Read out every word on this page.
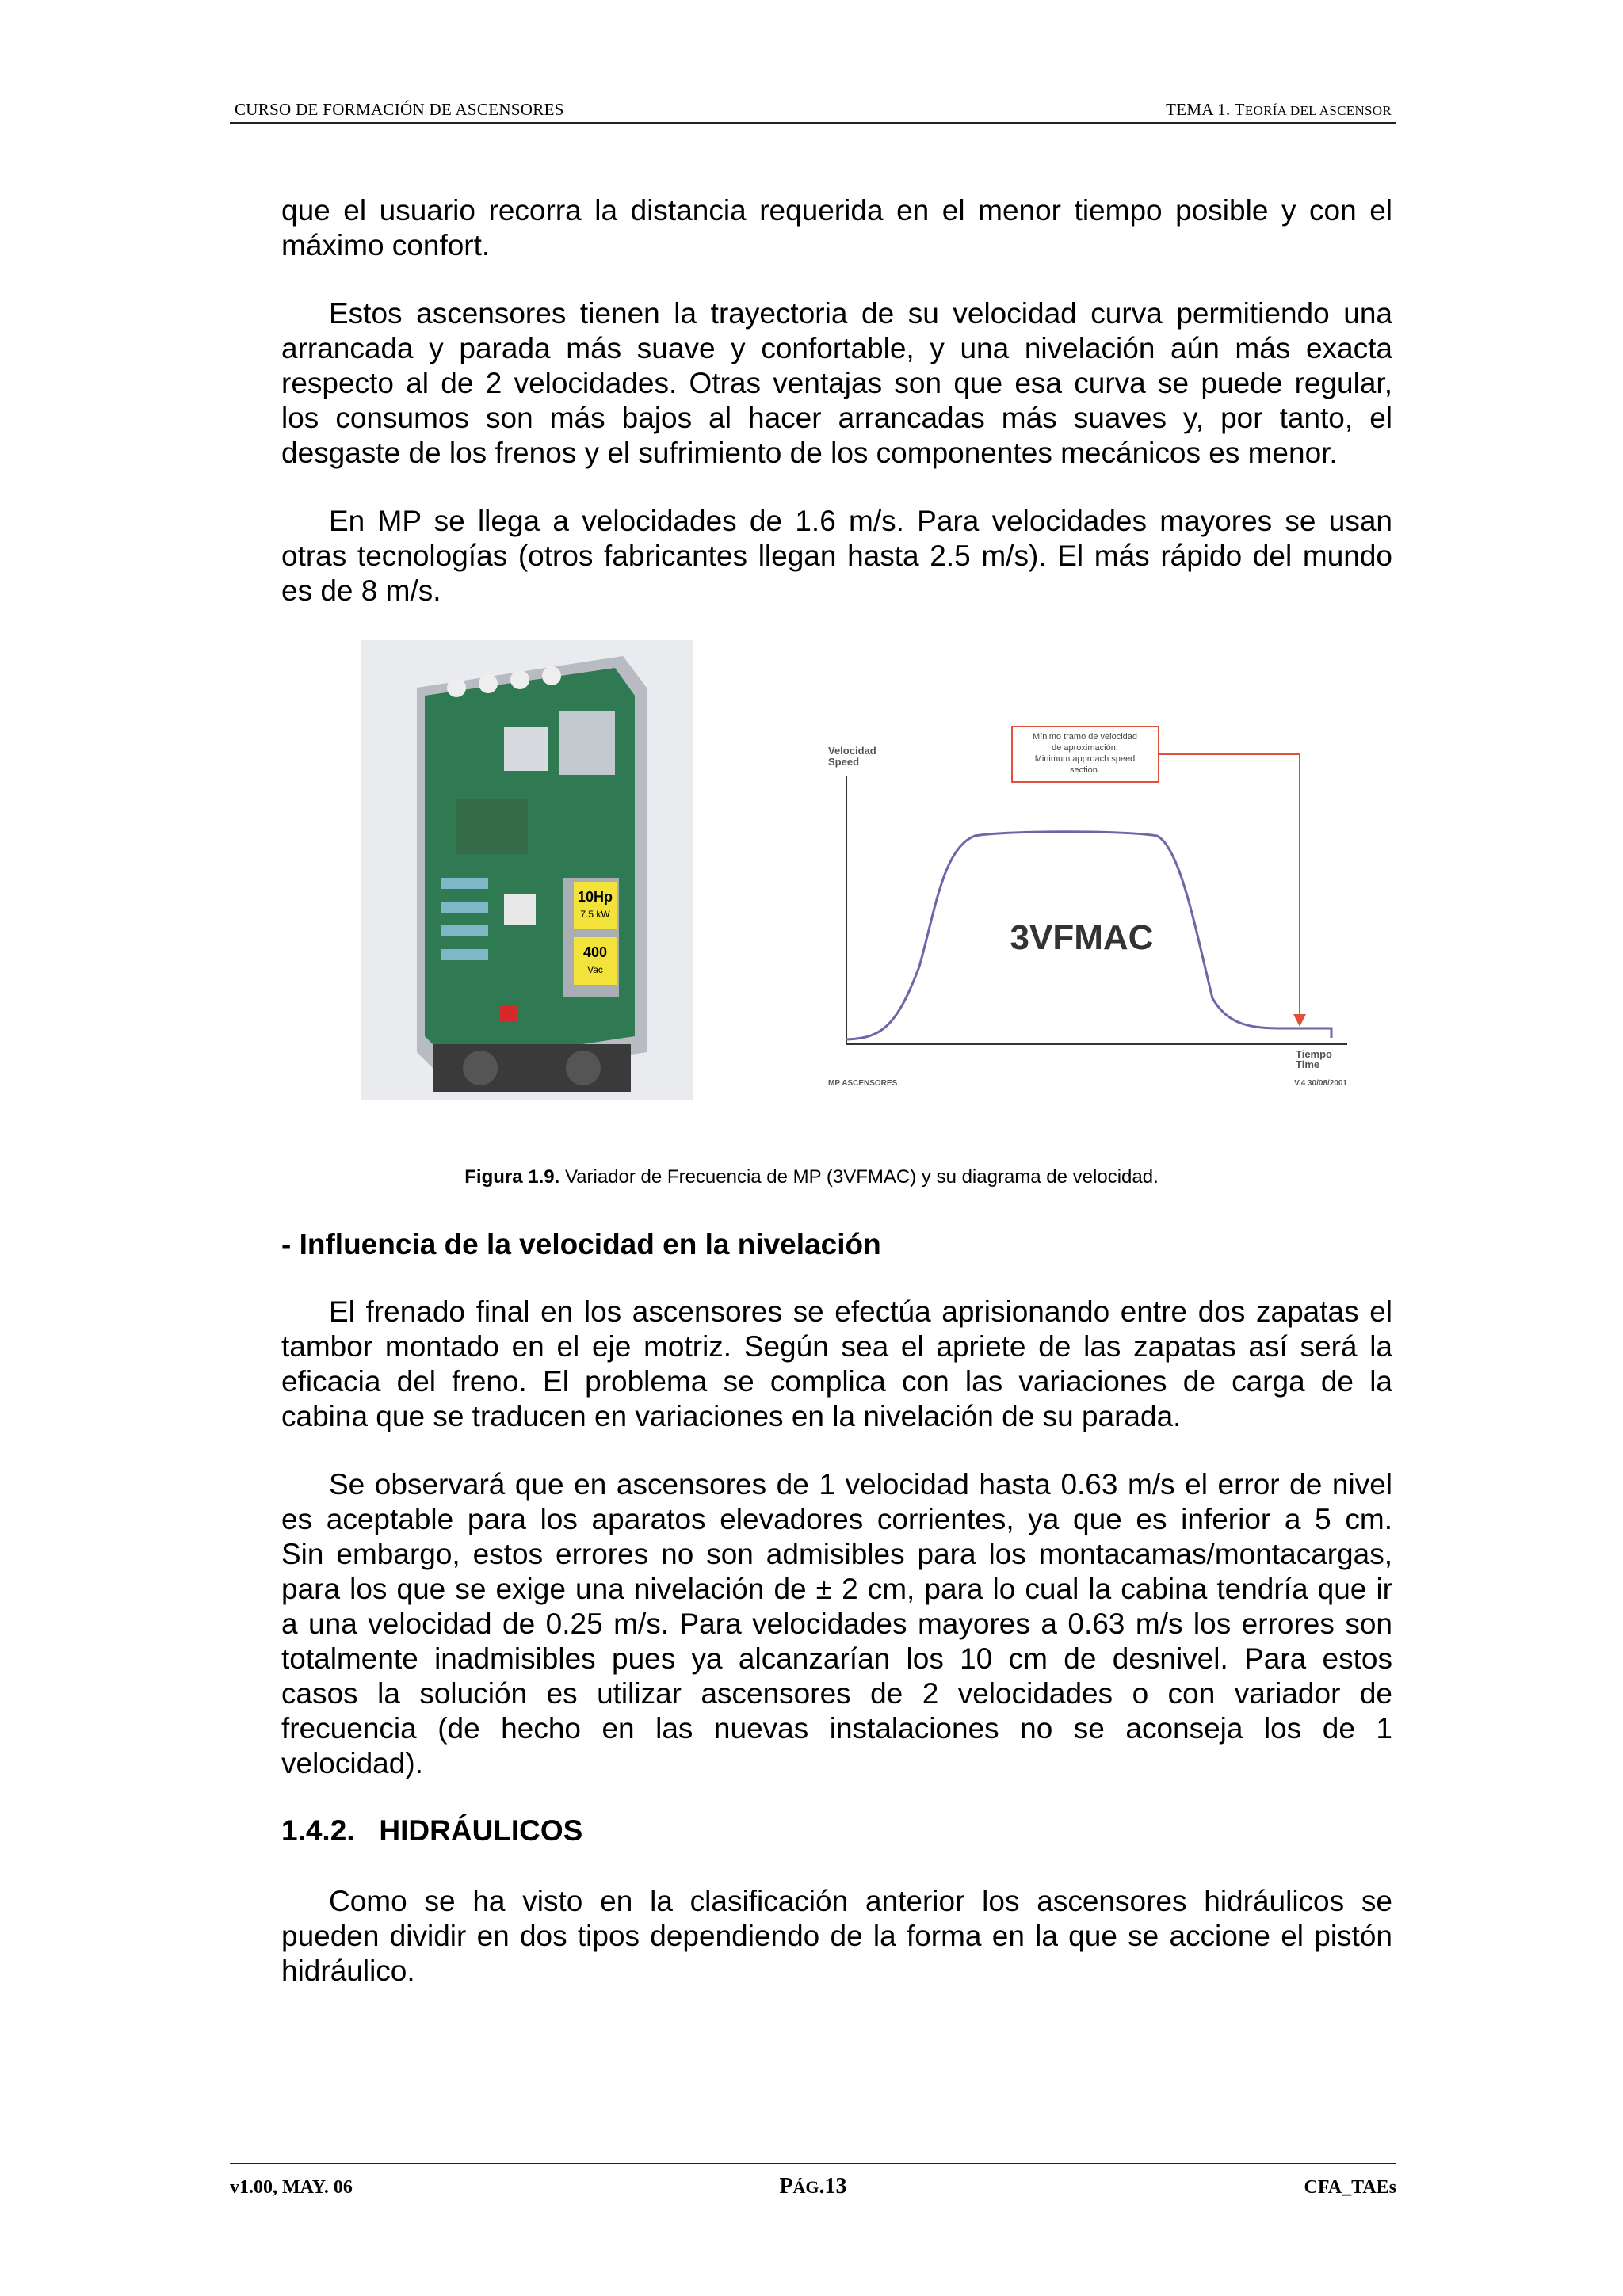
CURSO DE FORMACIÓN DE ASCENSORES	TEMA 1. TEORÍA DEL ASCENSOR
que el usuario recorra la distancia requerida en el menor tiempo posible y con el
máximo confort.
Estos ascensores tienen la trayectoria de su velocidad curva permitiendo una
arrancada y parada más suave y confortable, y una nivelación aún más exacta
respecto al de 2 velocidades. Otras ventajas son que esa curva se puede regular,
los consumos son más bajos al hacer arrancadas más suaves y, por tanto, el
desgaste de los frenos y el sufrimiento de los componentes mecánicos es menor.
En MP se llega a velocidades de 1.6 m/s. Para velocidades mayores se usan
otras tecnologías (otros fabricantes llegan hasta 2.5 m/s). El más rápido del mundo
es de 8 m/s.
10Hp
7.5 kW
400
Vac
Velocidad
Speed
3VFMAC
Mínimo tramo de velocidad
de aproximación.
Minimum approach speed
section.
Tiempo
Time
MP ASCENSORES	V.4 30/08/2001
Figura 1.9. Variador de Frecuencia de MP (3VFMAC) y su diagrama de velocidad.
- Influencia de la velocidad en la nivelación
El frenado final en los ascensores se efectúa aprisionando entre dos zapatas el
tambor montado en el eje motriz. Según sea el apriete de las zapatas así será la
eficacia del freno. El problema se complica con las variaciones de carga de la
cabina que se traducen en variaciones en la nivelación de su parada.
Se observará que en ascensores de 1 velocidad hasta 0.63 m/s el error de nivel
es aceptable para los aparatos elevadores corrientes, ya que es inferior a 5 cm.
Sin embargo, estos errores no son admisibles para los montacamas/montacargas,
para los que se exige una nivelación de ± 2 cm, para lo cual la cabina tendría que ir
a una velocidad de 0.25 m/s. Para velocidades mayores a 0.63 m/s los errores son
totalmente inadmisibles pues ya alcanzarían los 10 cm de desnivel. Para estos
casos la solución es utilizar ascensores de 2 velocidades o con variador de
frecuencia (de hecho en las nuevas instalaciones no se aconseja los de 1
velocidad).
1.4.2.   HIDRÁULICOS
Como se ha visto en la clasificación anterior los ascensores hidráulicos se
pueden dividir en dos tipos dependiendo de la forma en la que se accione el pistón
hidráulico.
v1.00, MAY. 06	PÁG.13	CFA_TAEs
